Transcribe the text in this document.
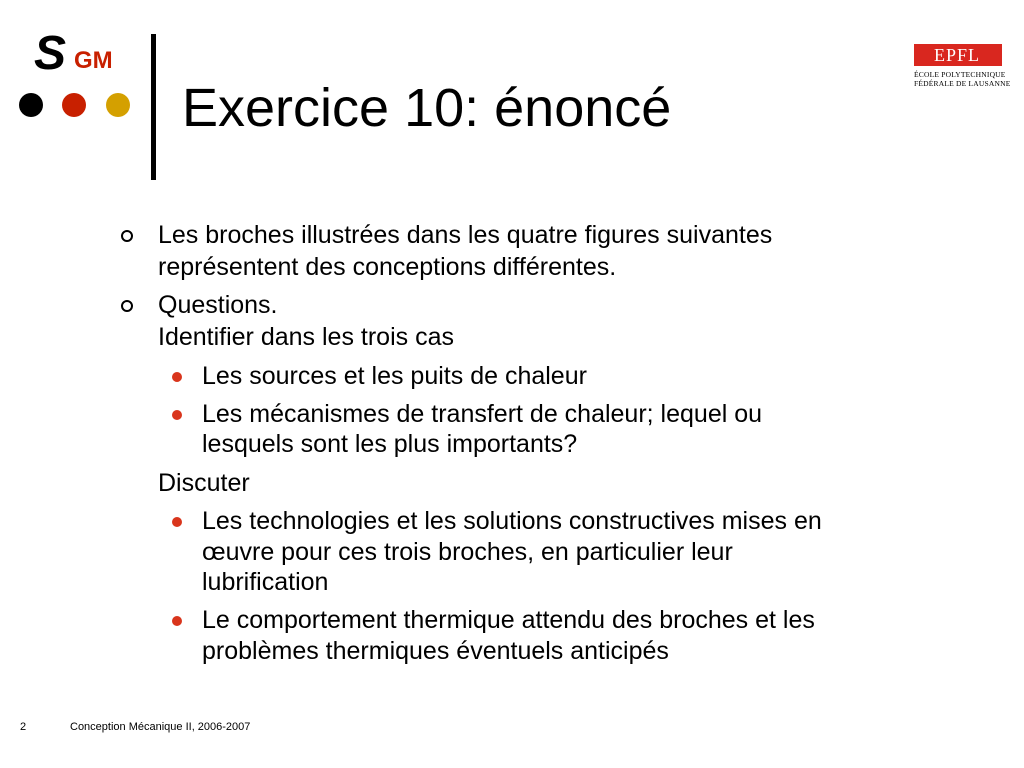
S GM
Exercice 10: énoncé
EPFL
ÉCOLE POLYTECHNIQUE
FÉDÉRALE DE LAUSANNE
Les broches illustrées dans les quatre figures suivantes
représentent des conceptions différentes.
Questions.
Identifier dans les trois cas
Les sources et les puits de chaleur
Les mécanismes de transfert de chaleur; lequel ou
lesquels sont les plus importants?
Discuter
Les technologies et les solutions constructives mises en
œuvre pour ces trois broches, en particulier leur
lubrification
Le comportement thermique attendu des broches et les
problèmes thermiques éventuels anticipés
2	Conception Mécanique II, 2006-2007
